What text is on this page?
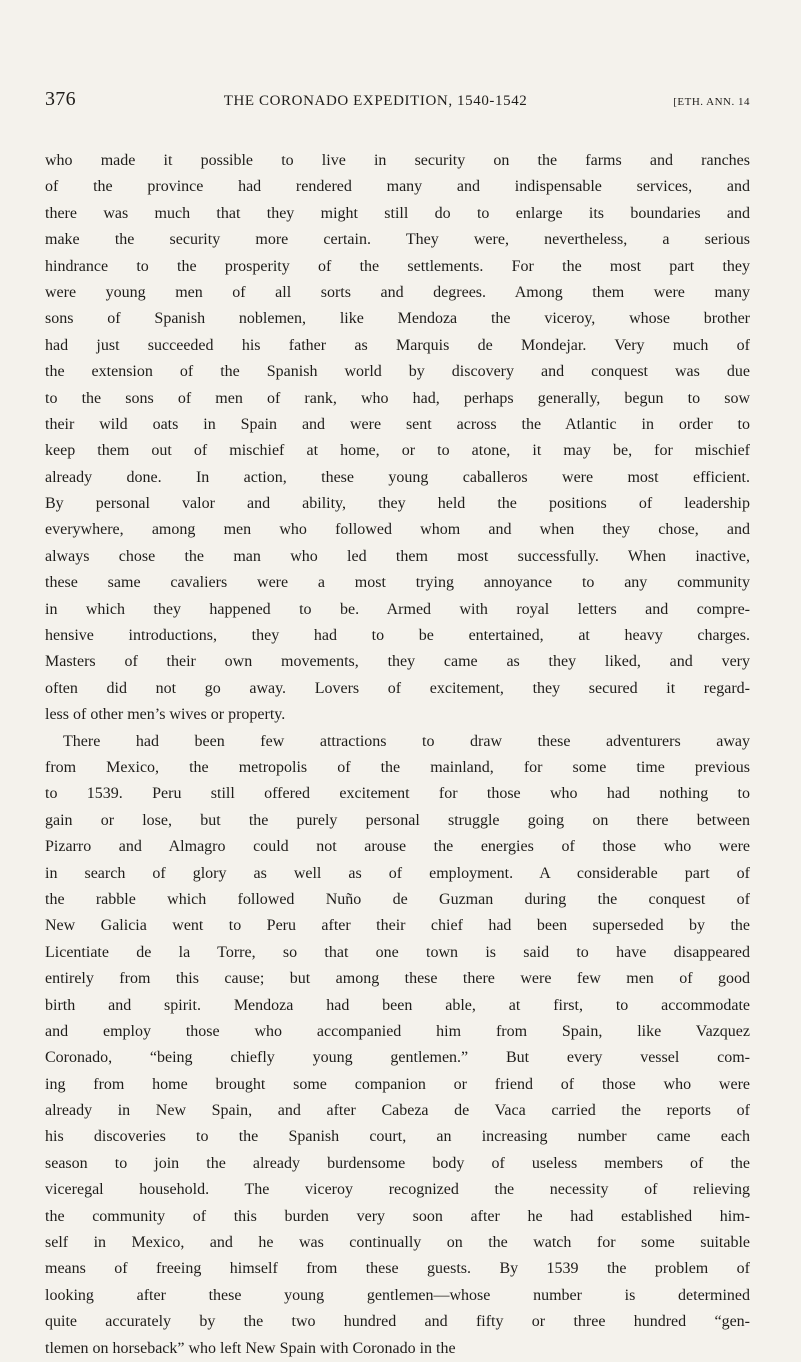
376	THE CORONADO EXPEDITION, 1540-1542	[ETH. ANN. 14
who made it possible to live in security on the farms and ranches
of the province had rendered many and indispensable services, and
there was much that they might still do to enlarge its boundaries and
make the security more certain. They were, nevertheless, a serious
hindrance to the prosperity of the settlements. For the most part they
were young men of all sorts and degrees. Among them were many
sons of Spanish noblemen, like Mendoza the viceroy, whose brother
had just succeeded his father as Marquis de Mondejar. Very much of
the extension of the Spanish world by discovery and conquest was due
to the sons of men of rank, who had, perhaps generally, begun to sow
their wild oats in Spain and were sent across the Atlantic in order to
keep them out of mischief at home, or to atone, it may be, for mischief
already done. In action, these young caballeros were most efficient.
By personal valor and ability, they held the positions of leadership
everywhere, among men who followed whom and when they chose, and
always chose the man who led them most successfully. When inactive,
these same cavaliers were a most trying annoyance to any community
in which they happened to be. Armed with royal letters and compre-
hensive introductions, they had to be entertained, at heavy charges.
Masters of their own movements, they came as they liked, and very
often did not go away. Lovers of excitement, they secured it regard-
less of other men’s wives or property.
There had been few attractions to draw these adventurers away
from Mexico, the metropolis of the mainland, for some time previous
to 1539. Peru still offered excitement for those who had nothing to
gain or lose, but the purely personal struggle going on there between
Pizarro and Almagro could not arouse the energies of those who were
in search of glory as well as of employment. A considerable part of
the rabble which followed Nuño de Guzman during the conquest of
New Galicia went to Peru after their chief had been superseded by the
Licentiate de la Torre, so that one town is said to have disappeared
entirely from this cause; but among these there were few men of good
birth and spirit. Mendoza had been able, at first, to accommodate
and employ those who accompanied him from Spain, like Vazquez
Coronado, “being chiefly young gentlemen.” But every vessel com-
ing from home brought some companion or friend of those who were
already in New Spain, and after Cabeza de Vaca carried the reports of
his discoveries to the Spanish court, an increasing number came each
season to join the already burdensome body of useless members of the
viceregal household. The viceroy recognized the necessity of relieving
the community of this burden very soon after he had established him-
self in Mexico, and he was continually on the watch for some suitable
means of freeing himself from these guests. By 1539 the problem of
looking after these young gentlemen—whose number is determined
quite accurately by the two hundred and fifty or three hundred “gen-
tlemen on horseback” who left New Spain with Coronado in the
